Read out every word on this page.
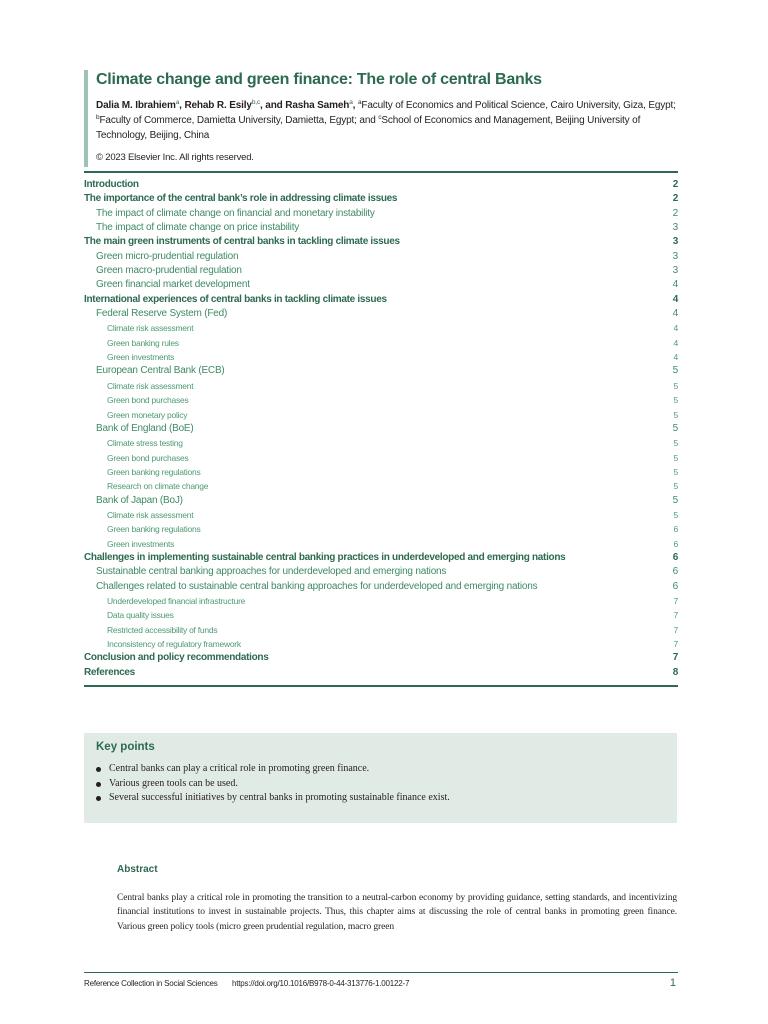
Climate change and green finance: The role of central Banks
Dalia M. Ibrahiem$^a$, Rehab R. Esily$^{b,c}$, and Rasha Sameh$^a$, $^a$Faculty of Economics and Political Science, Cairo University, Giza, Egypt; $^b$Faculty of Commerce, Damietta University, Damietta, Egypt; and $^c$School of Economics and Management, Beijing University of Technology, Beijing, China
© 2023 Elsevier Inc. All rights reserved.
Introduction	2
The importance of the central bank’s role in addressing climate issues	2
The impact of climate change on financial and monetary instability	2
The impact of climate change on price instability	3
The main green instruments of central banks in tackling climate issues	3
Green micro-prudential regulation	3
Green macro-prudential regulation	3
Green financial market development	4
International experiences of central banks in tackling climate issues	4
Federal Reserve System (Fed)	4
Climate risk assessment	4
Green banking rules	4
Green investments	4
European Central Bank (ECB)	5
Climate risk assessment	5
Green bond purchases	5
Green monetary policy	5
Bank of England (BoE)	5
Climate stress testing	5
Green bond purchases	5
Green banking regulations	5
Research on climate change	5
Bank of Japan (BoJ)	5
Climate risk assessment	5
Green banking regulations	6
Green investments	6
Challenges in implementing sustainable central banking practices in underdeveloped and emerging nations	6
Sustainable central banking approaches for underdeveloped and emerging nations	6
Challenges related to sustainable central banking approaches for underdeveloped and emerging nations	6
Underdeveloped financial infrastructure	7
Data quality issues	7
Restricted accessibility of funds	7
Inconsistency of regulatory framework	7
Conclusion and policy recommendations	7
References	8
Key points
Central banks can play a critical role in promoting green finance.
Various green tools can be used.
Several successful initiatives by central banks in promoting sustainable finance exist.
Abstract
Central banks play a critical role in promoting the transition to a neutral-carbon economy by providing guidance, setting standards, and incentivizing financial institutions to invest in sustainable projects. Thus, this chapter aims at discussing the role of central banks in promoting green finance. Various green policy tools (micro green prudential regulation, macro green
Reference Collection in Social Sciences https://doi.org/10.1016/B978-0-44-313776-1.00122-7	1
